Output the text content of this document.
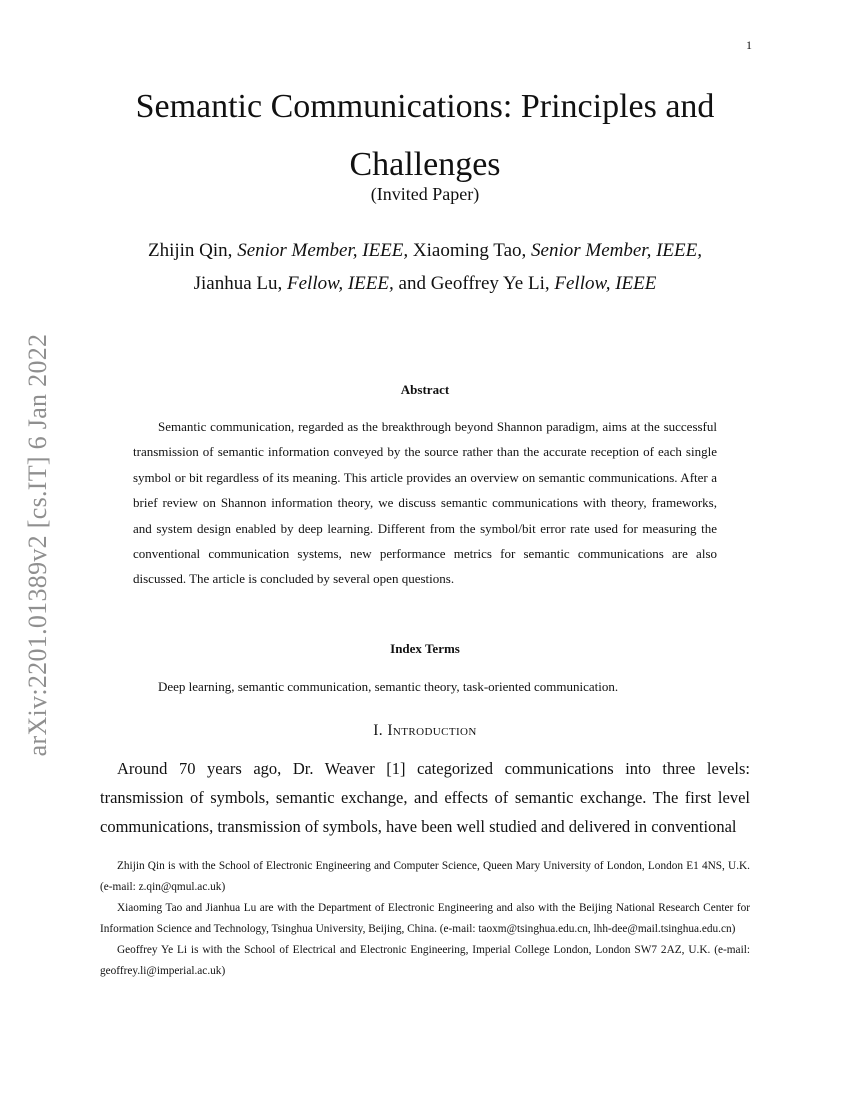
1
arXiv:2201.01389v2 [cs.IT] 6 Jan 2022
Semantic Communications: Principles and Challenges
(Invited Paper)
Zhijin Qin, Senior Member, IEEE, Xiaoming Tao, Senior Member, IEEE,
Jianhua Lu, Fellow, IEEE, and Geoffrey Ye Li, Fellow, IEEE
Abstract

Semantic communication, regarded as the breakthrough beyond Shannon paradigm, aims at the successful transmission of semantic information conveyed by the source rather than the accurate reception of each single symbol or bit regardless of its meaning. This article provides an overview on semantic communications. After a brief review on Shannon information theory, we discuss semantic communications with theory, frameworks, and system design enabled by deep learning. Different from the symbol/bit error rate used for measuring the conventional communication systems, new performance metrics for semantic communications are also discussed. The article is concluded by several open questions.

Index Terms

Deep learning, semantic communication, semantic theory, task-oriented communication.

I. Introduction

Around 70 years ago, Dr. Weaver [1] categorized communications into three levels: transmission of symbols, semantic exchange, and effects of semantic exchange. The first level communications, transmission of symbols, have been well studied and delivered in conventional

Zhijin Qin is with the School of Electronic Engineering and Computer Science, Queen Mary University of London, London E1 4NS, U.K. (e-mail: z.qin@qmul.ac.uk)

Xiaoming Tao and Jianhua Lu are with the Department of Electronic Engineering and also with the Beijing National Research Center for Information Science and Technology, Tsinghua University, Beijing, China. (e-mail: taoxm@tsinghua.edu.cn, lhh-dee@mail.tsinghua.edu.cn)

Geoffrey Ye Li is with the School of Electrical and Electronic Engineering, Imperial College London, London SW7 2AZ, U.K. (e-mail: geoffrey.li@imperial.ac.uk)
